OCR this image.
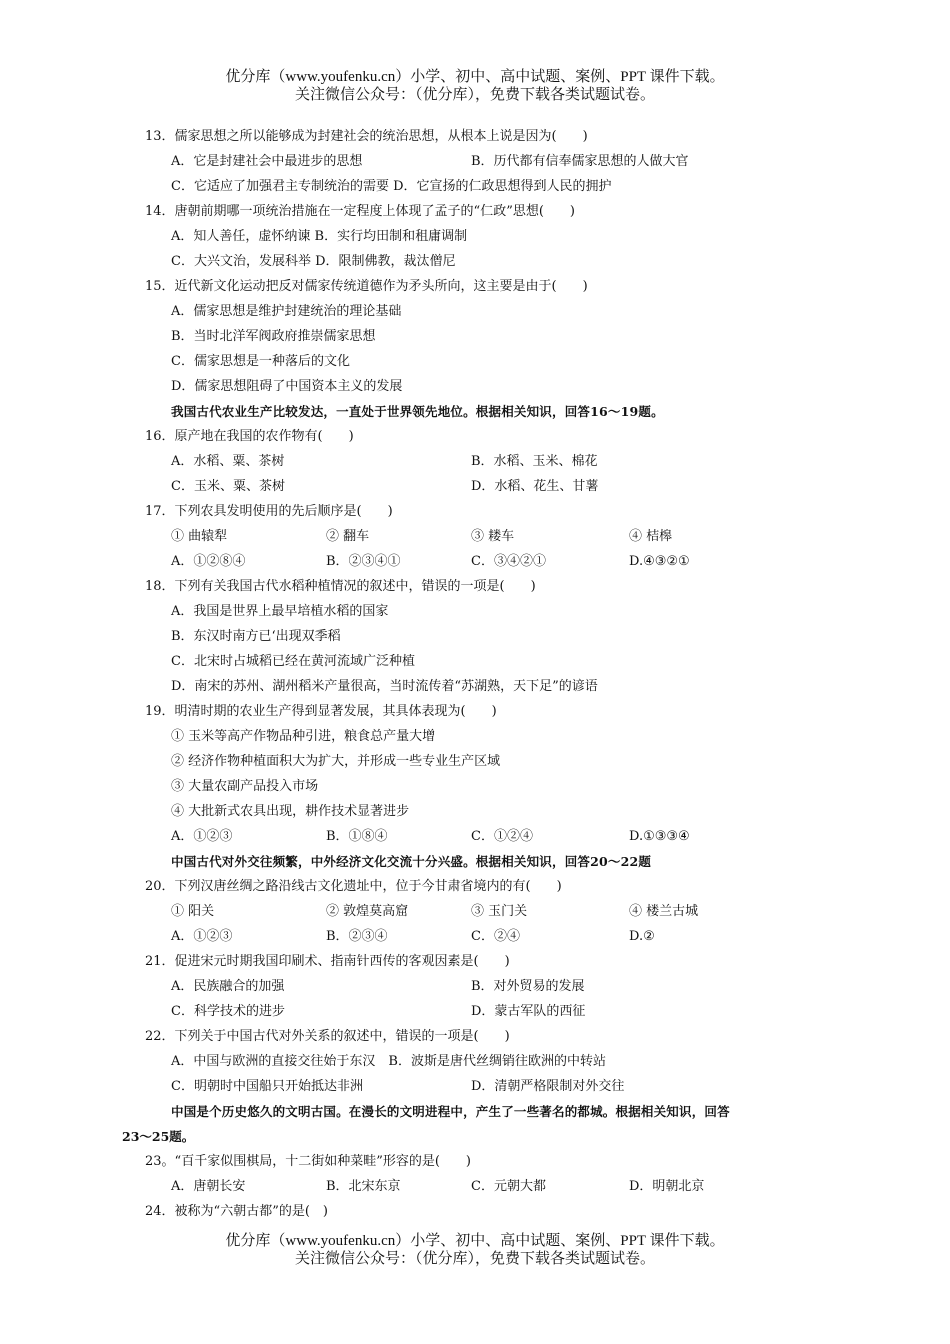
优分库（www.youfenku.cn）小学、初中、高中试题、案例、PPT 课件下载。
关注微信公众号：（优分库），免费下载各类试题试卷。
13．儒家思想之所以能够成为封建社会的统治思想，从根本上说是因为(　　)
A．它是封建社会中最进步的思想	B．历代都有信奉儒家思想的人做大官
C．它适应了加强君主专制统治的需要 D．它宣扬的仁政思想得到人民的拥护
14．唐朝前期哪一项统治措施在一定程度上体现了孟子的“仁政”思想(　　)
A．知人善任，虚怀纳谏 B．实行均田制和租庸调制
C．大兴文治，发展科举 D．限制佛教，裁汰僧尼
15．近代新文化运动把反对儒家传统道德作为矛头所向，这主要是由于(　　)
A．儒家思想是维护封建统治的理论基础
B．当时北洋军阀政府推崇儒家思想
C．儒家思想是一种落后的文化
D．儒家思想阻碍了中国资本主义的发展
我国古代农业生产比较发达，一直处于世界领先地位。根据相关知识，回答16～19题。
16．原产地在我国的农作物有(　　)
A．水稻、粟、茶树	B．水稻、玉米、棉花
C．玉米、粟、茶树	D．水稻、花生、甘薯
17．下列农具发明使用的先后顺序是(　　)
① 曲辕犁	② 翻车	③ 耧车	④ 桔槔
A．①②⑧④	B．②③④①	C．③④②①	D.④③②①
18．下列有关我国古代水稻种植情况的叙述中，错误的一项是(　　)
A．我国是世界上最早培植水稻的国家
B．东汉时南方已‘出现双季稻
C．北宋时占城稻已经在黄河流域广泛种植
D．南宋的苏州、湖州稻米产量很高，当时流传着“苏湖熟，天下足”的谚语
19．明清时期的农业生产得到显著发展，其具体表现为(　　)
① 玉米等高产作物品种引进，粮食总产量大增
② 经济作物种植面积大为扩大，并形成一些专业生产区域
③ 大量农副产品投入市场
④ 大批新式农具出现，耕作技术显著进步
A．①②③	B．①⑧④	C．①②④	D.①③③④
中国古代对外交往频繁，中外经济文化交流十分兴盛。根据相关知识，回答20～22题
20．下列汉唐丝绸之路沿线古文化遗址中，位于今甘肃省境内的有(　　)
① 阳关	② 敦煌莫高窟	③ 玉门关	④ 楼兰古城
A．①②③	B．②③④	C．②④	D.②
21．促进宋元时期我国印刷术、指南针西传的客观因素是(　　)
A．民族融合的加强	B．对外贸易的发展
C．科学技术的进步	D．蒙古军队的西征
22．下列关于中国古代对外关系的叙述中，错误的一项是(　　)
A．中国与欧洲的直接交往始于东汉　B．波斯是唐代丝绸销往欧洲的中转站
C．明朝时中国船只开始抵达非洲	D．清朝严格限制对外交往
中国是个历史悠久的文明古国。在漫长的文明进程中，产生了一些著名的都城。根据相关知识，回答
23～25题。
23。“百千家似围棋局，十二街如种菜畦”形容的是(　　)
A．唐朝长安	B．北宋东京	C．元朝大都	D．明朝北京
24．被称为“六朝古都”的是(　)
优分库（www.youfenku.cn）小学、初中、高中试题、案例、PPT 课件下载。
关注微信公众号：（优分库），免费下载各类试题试卷。
